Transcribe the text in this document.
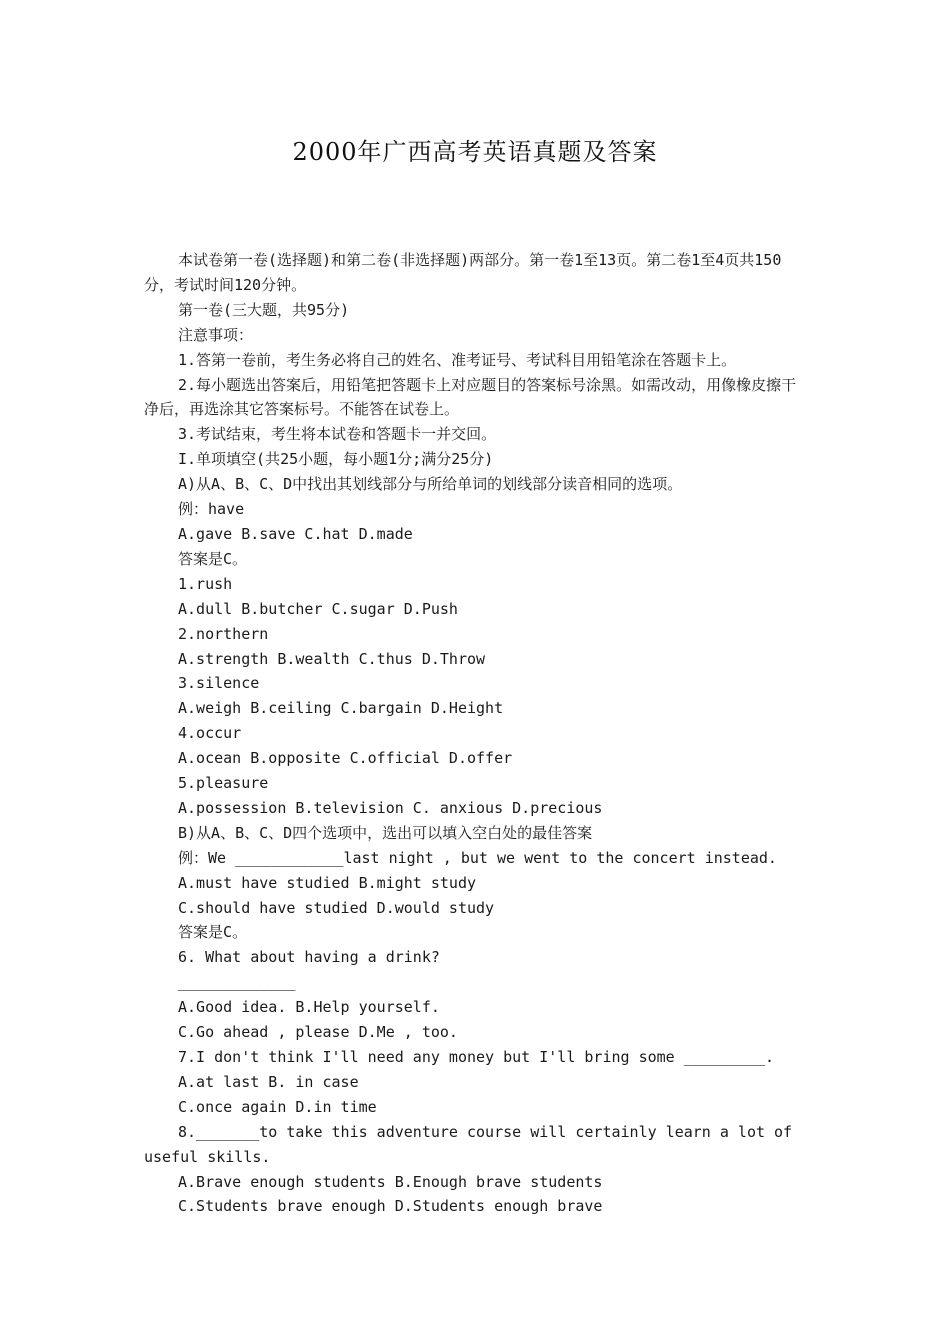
2000年广西高考英语真题及答案

本试卷第一卷(选择题)和第二卷(非选择题)两部分。第一卷1至13页。第二卷1至4页共150分，考试时间120分钟。

第一卷(三大题，共95分)

注意事项：

1.答第一卷前，考生务必将自己的姓名、准考证号、考试科目用铅笔涂在答题卡上。

2.每小题选出答案后，用铅笔把答题卡上对应题目的答案标号涂黑。如需改动，用像橡皮擦干净后，再选涂其它答案标号。不能答在试卷上。

3.考试结束，考生将本试卷和答题卡一并交回。

I.单项填空(共25小题，每小题1分;满分25分)

A)从A、B、C、D中找出其划线部分与所给单词的划线部分读音相同的选项。

例：have

A.gave B.save C.hat D.made

答案是C。

1.rush

A.dull B.butcher C.sugar D.Push

2.northern

A.strength B.wealth C.thus D.Throw

3.silence

A.weigh B.ceiling C.bargain D.Height

4.occur

A.ocean B.opposite C.official D.offer

5.pleasure

A.possession B.television C. anxious D.precious

B)从A、B、C、D四个选项中，选出可以填入空白处的最佳答案

例：We ____________last night , but we went to the concert instead.

A.must have studied B.might study

C.should have studied D.would study

答案是C。

6. What about having a drink?

_____________

A.Good idea. B.Help yourself.

C.Go ahead , please D.Me , too.

7.I don't think I'll need any money but I'll bring some _________.

A.at last B. in case

C.once again D.in time

8._______to take this adventure course will certainly learn a lot of useful skills.

A.Brave enough students B.Enough brave students

C.Students brave enough D.Students enough brave
